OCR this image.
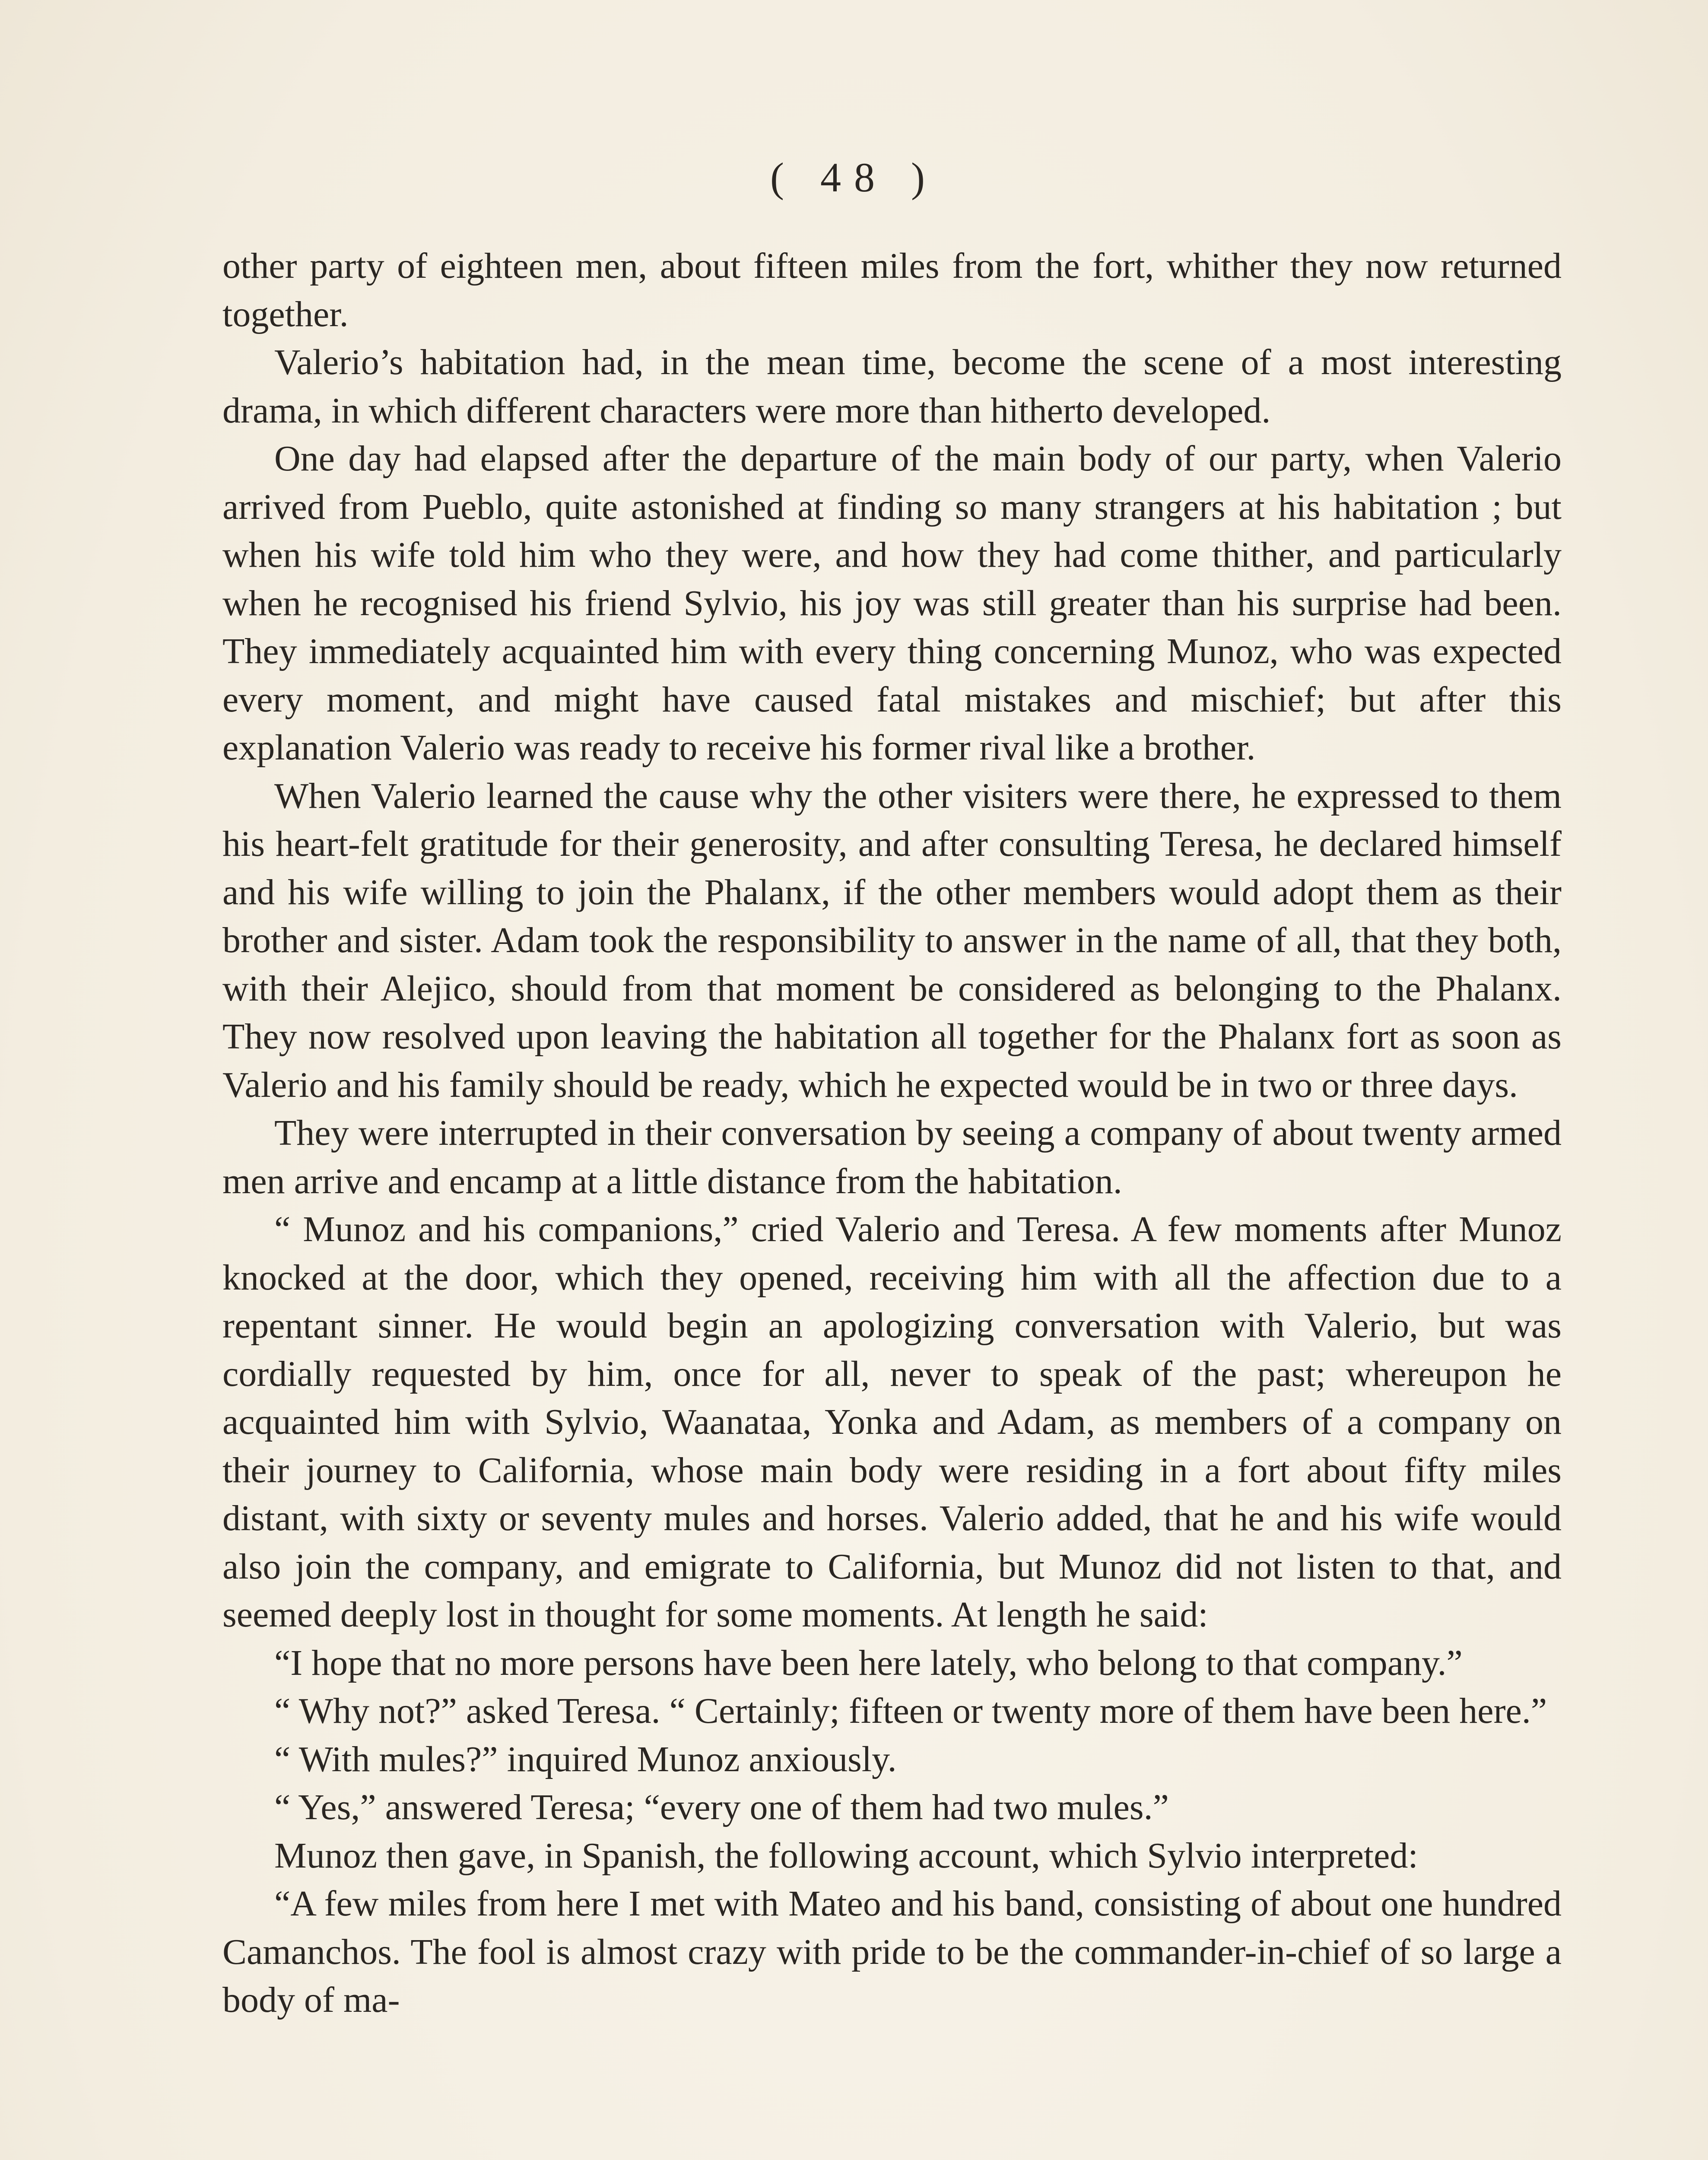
( 48 )

other party of eighteen men, about fifteen miles from the fort, whither they now returned together.

Valerio’s habitation had, in the mean time, become the scene of a most interesting drama, in which different characters were more than hitherto developed.

One day had elapsed after the departure of the main body of our party, when Valerio arrived from Pueblo, quite astonished at finding so many strangers at his habitation ; but when his wife told him who they were, and how they had come thither, and particularly when he recognised his friend Sylvio, his joy was still greater than his surprise had been. They immediately acquainted him with every thing concerning Munoz, who was expected every moment, and might have caused fatal mistakes and mischief; but after this explanation Valerio was ready to receive his former rival like a brother.

When Valerio learned the cause why the other visiters were there, he expressed to them his heart-felt gratitude for their generosity, and after consulting Teresa, he declared himself and his wife willing to join the Phalanx, if the other members would adopt them as their brother and sister. Adam took the responsibility to answer in the name of all, that they both, with their Alejico, should from that moment be considered as belonging to the Phalanx. They now resolved upon leaving the habitation all together for the Phalanx fort as soon as Valerio and his family should be ready, which he expected would be in two or three days.

They were interrupted in their conversation by seeing a company of about twenty armed men arrive and encamp at a little distance from the habitation.

“ Munoz and his companions,” cried Valerio and Teresa. A few moments after Munoz knocked at the door, which they opened, receiving him with all the affection due to a repentant sinner. He would begin an apologizing conversation with Valerio, but was cordially requested by him, once for all, never to speak of the past; whereupon he acquainted him with Sylvio, Waanataa, Yonka and Adam, as members of a company on their journey to California, whose main body were residing in a fort about fifty miles distant, with sixty or seventy mules and horses. Valerio added, that he and his wife would also join the company, and emigrate to California, but Munoz did not listen to that, and seemed deeply lost in thought for some moments. At length he said:

“I hope that no more persons have been here lately, who belong to that company.”

“ Why not?” asked Teresa. “ Certainly; fifteen or twenty more of them have been here.”

“ With mules?” inquired Munoz anxiously.

“ Yes,” answered Teresa; “every one of them had two mules.”

Munoz then gave, in Spanish, the following account, which Sylvio interpreted:

“A few miles from here I met with Mateo and his band, consisting of about one hundred Camanchos. The fool is almost crazy with pride to be the commander-in-chief of so large a body of ma-
